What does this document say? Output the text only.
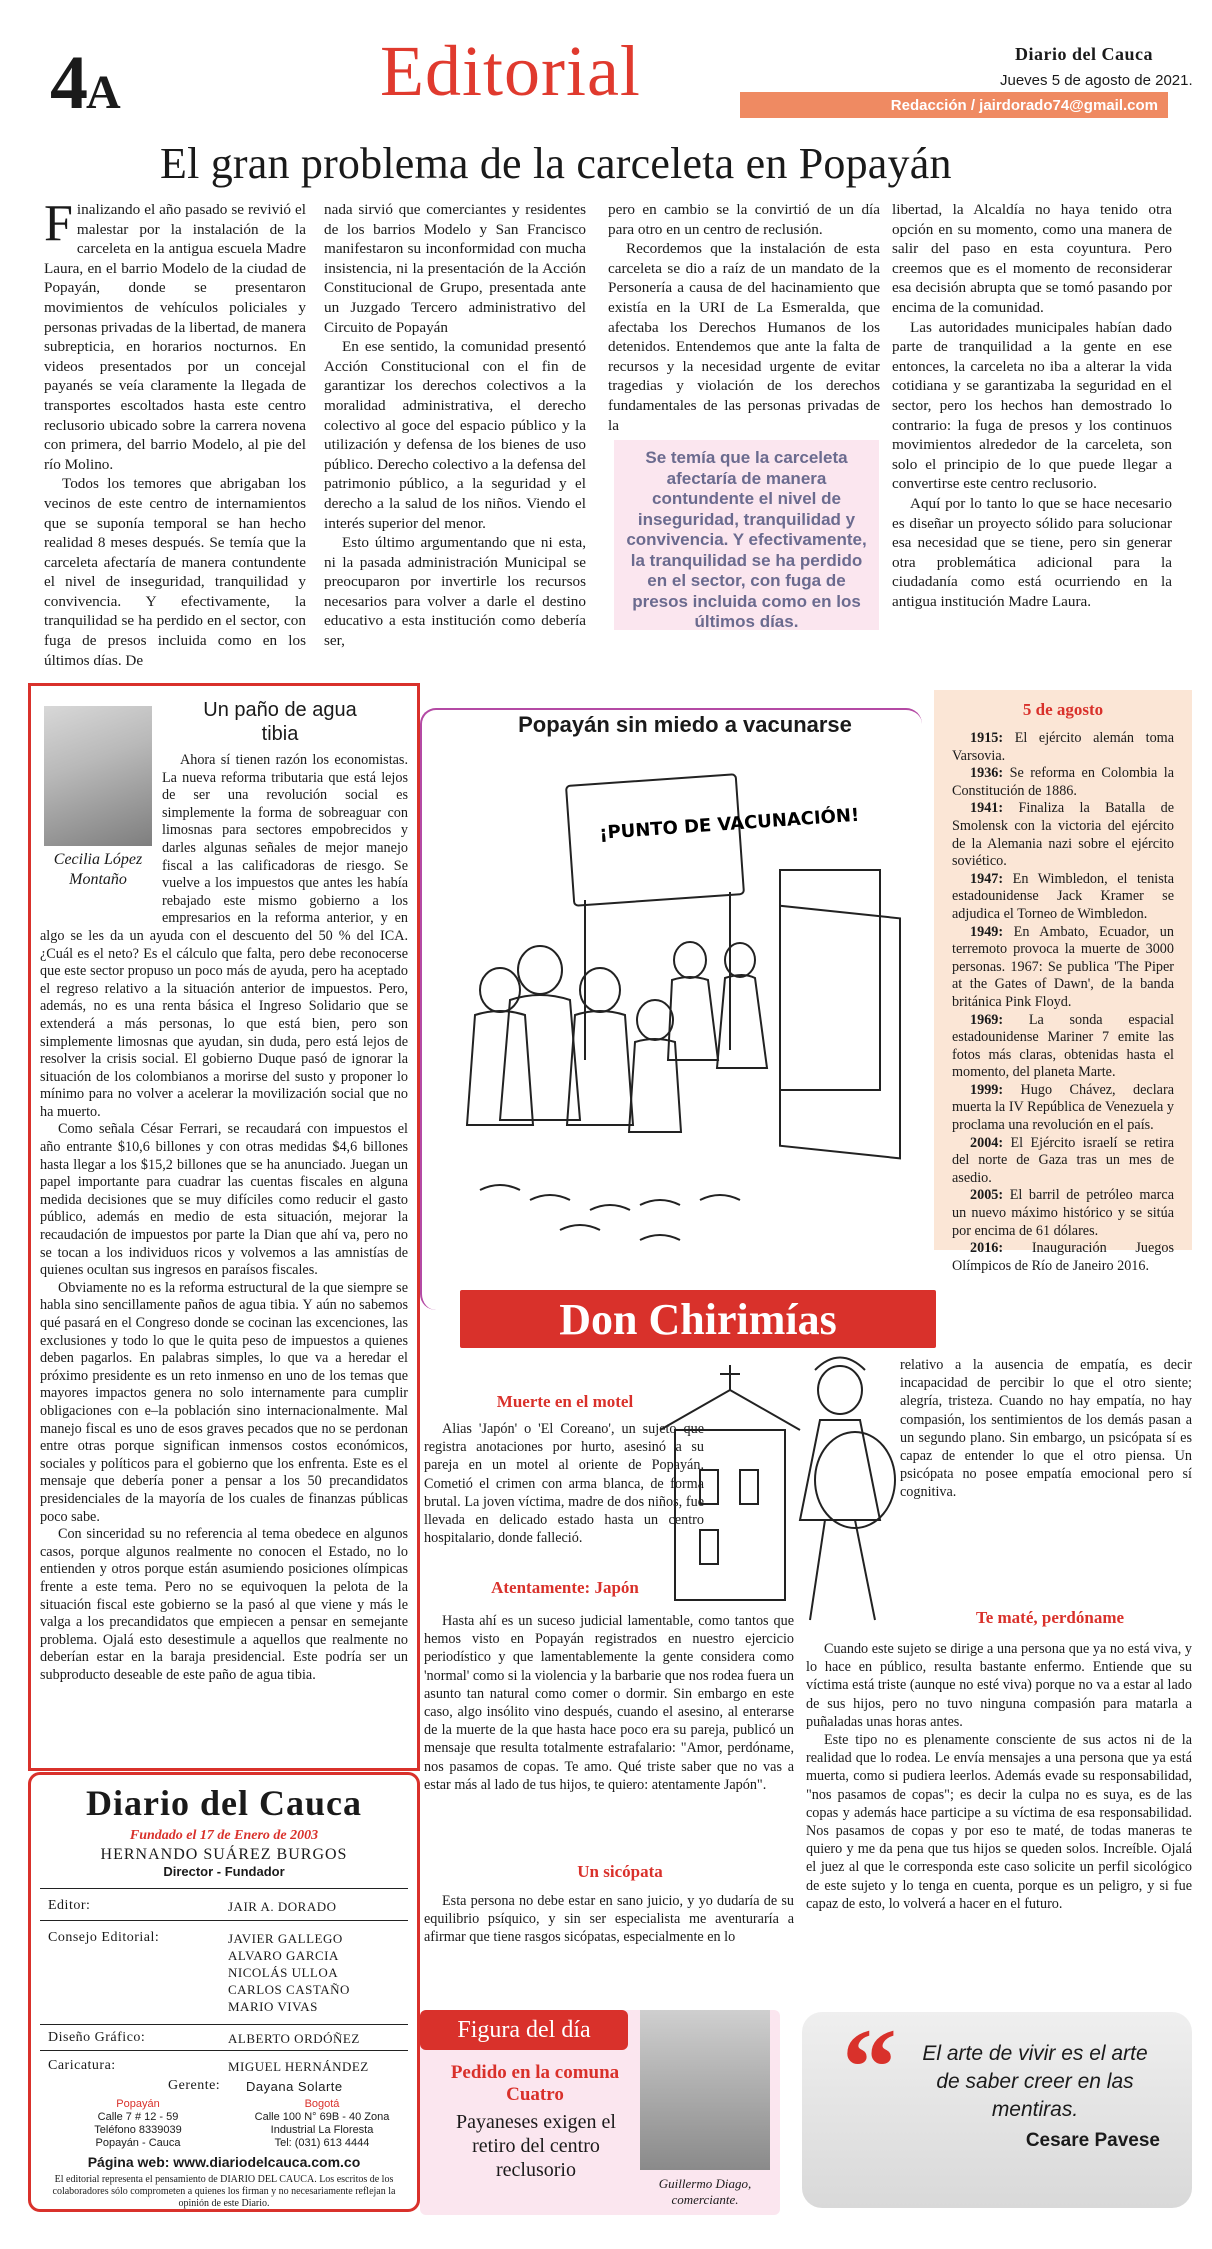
4A	Editorial	Diario del Cauca
Jueves 5 de agosto de 2021.
Redacción / jairdorado74@gmail.com
El gran problema de la carceleta en Popayán

Finalizando el año pasado se revivió el malestar por la instalación de la carceleta en la antigua escuela Madre Laura, en el barrio Modelo de la ciudad de Popayán, donde se presentaron movimientos de vehículos policiales y personas privadas de la libertad, de manera subrepticia, en horarios nocturnos. En videos presentados por un concejal payanés se veía claramente la llegada de transportes escoltados hasta este centro reclusorio ubicado sobre la carrera novena con primera, del barrio Modelo, al pie del río Molino.

Todos los temores que abrigaban los vecinos de este centro de internamientos que se suponía temporal se han hecho realidad 8 meses después. Se temía que la carceleta afectaría de manera contundente el nivel de inseguridad, tranquilidad y convivencia. Y efectivamente, la tranquilidad se ha perdido en el sector, con fuga de presos incluida como en los últimos días. De

nada sirvió que comerciantes y residentes de los barrios Modelo y San Francisco manifestaron su inconformidad con mucha insistencia, ni la presentación de la Acción Constitucional de Grupo, presentada ante un Juzgado Tercero administrativo del Circuito de Popayán

En ese sentido, la comunidad presentó Acción Constitucional con el fin de garantizar los derechos colectivos a la moralidad administrativa, el derecho colectivo al goce del espacio público y la utilización y defensa de los bienes de uso público. Derecho colectivo a la defensa del patrimonio público, a la seguridad y el derecho a la salud de los niños. Viendo el interés superior del menor.

Esto último argumentando que ni esta, ni la pasada administración Municipal se preocuparon por invertirle los recursos necesarios para volver a darle el destino educativo a esta institución como debería ser,

pero en cambio se la convirtió de un día para otro en un centro de reclusión.

Recordemos que la instalación de esta carceleta se dio a raíz de un mandato de la Personería a causa de del hacinamiento que existía en la URI de La Esmeralda, que afectaba los Derechos Humanos de los detenidos. Entendemos que ante la falta de recursos y la necesidad urgente de evitar tragedias y violación de los derechos fundamentales de las personas privadas de la

Se temía que la carceleta afectaría de manera contundente el nivel de inseguridad, tranquilidad y convivencia. Y efectivamente, la tranquilidad se ha perdido en el sector, con fuga de presos incluida como en los últimos días.

libertad, la Alcaldía no haya tenido otra opción en su momento, como una manera de salir del paso en esta coyuntura. Pero creemos que es el momento de reconsiderar esa decisión abrupta que se tomó pasando por encima de la comunidad.

Las autoridades municipales habían dado parte de tranquilidad a la gente en ese entonces, la carceleta no iba a alterar la vida cotidiana y se garantizaba la seguridad en el sector, pero los hechos han demostrado lo contrario: la fuga de presos y los continuos movimientos alrededor de la carceleta, son solo el principio de lo que puede llegar a convertirse este centro reclusorio.

Aquí por lo tanto lo que se hace necesario es diseñar un proyecto sólido para solucionar esa necesidad que se tiene, pero sin generar otra problemática adicional para la ciudadanía como está ocurriendo en la antigua institución Madre Laura.

Cecilia López Montaño
Un paño de agua tibia

Ahora sí tienen razón los economistas. La nueva reforma tributaria que está lejos de ser una revolución social es simplemente la forma de sobreaguar con limosnas para sectores empobrecidos y darles algunas señales de mejor manejo fiscal a las calificadoras de riesgo. Se vuelve a los impuestos que antes les había rebajado este mismo gobierno a los empresarios en la reforma anterior, y en algo se les da un ayuda con el descuento del 50 % del ICA. ¿Cuál es el neto? Es el cálculo que falta, pero debe reconocerse que este sector propuso un poco más de ayuda, pero ha aceptado el regreso relativo a la situación anterior de impuestos. Pero, además, no es una renta básica el Ingreso Solidario que se extenderá a más personas, lo que está bien, pero son simplemente limosnas que ayudan, sin duda, pero está lejos de resolver la crisis social. El gobierno Duque pasó de ignorar la situación de los colombianos a morirse del susto y proponer lo mínimo para no volver a acelerar la movilización social que no ha muerto.

Como señala César Ferrari, se recaudará con impuestos el año entrante $10,6 billones y con otras medidas $4,6 billones hasta llegar a los $15,2 billones que se ha anunciado. Juegan un papel importante para cuadrar las cuentas fiscales en alguna medida decisiones que se muy difíciles como reducir el gasto público, además en medio de esta situación, mejorar la recaudación de impuestos por parte la Dian que ahí va, pero no se tocan a los individuos ricos y volvemos a las amnistías de quienes ocultan sus ingresos en paraísos fiscales.

Obviamente no es la reforma estructural de la que siempre se habla sino sencillamente paños de agua tibia. Y aún no sabemos qué pasará en el Congreso donde se cocinan las excenciones, las exclusiones y todo lo que le quita peso de impuestos a quienes deben pagarlos. En palabras simples, lo que va a heredar el próximo presidente es un reto inmenso en uno de los temas que mayores impactos genera no solo internamente para cumplir obligaciones con e–la población sino internacionalmente. Mal manejo fiscal es uno de esos graves pecados que no se perdonan entre otras porque significan inmensos costos económicos, sociales y políticos para el gobierno que los enfrenta. Este es el mensaje que debería poner a pensar a los 50 precandidatos presidenciales de la mayoría de los cuales de finanzas públicas poco sabe.

Con sinceridad su no referencia al tema obedece en algunos casos, porque algunos realmente no conocen el Estado, no lo entienden y otros porque están asumiendo posiciones olímpicas frente a este tema. Pero no se equivoquen la pelota de la situación fiscal este gobierno se la pasó al que viene y más le valga a los precandidatos que empiecen a pensar en semejante problema. Ojalá esto desestimule a aquellos que realmente no deberían estar en la baraja presidencial. Este podría ser un subproducto deseable de este paño de agua tibia.

Popayán sin miedo a vacunarse
¡PUNTO DE VACUNACIÓN!
5 de agosto

1915: El ejército alemán toma Varsovia.

1936: Se reforma en Colombia la Constitución de 1886.

1941: Finaliza la Batalla de Smolensk con la victoria del ejército de la Alemania nazi sobre el ejército soviético.

1947: En Wimbledon, el tenista estadounidense Jack Kramer se adjudica el Torneo de Wimbledon.

1949: En Ambato, Ecuador, un terremoto provoca la muerte de 3000 personas. 1967: Se publica 'The Piper at the Gates of Dawn', de la banda británica Pink Floyd.

1969: La sonda espacial estadounidense Mariner 7 emite las fotos más claras, obtenidas hasta el momento, del planeta Marte.

1999: Hugo Chávez, declara muerta la IV República de Venezuela y proclama una revolución en el país.

2004: El Ejército israelí se retira del norte de Gaza tras un mes de asedio.

2005: El barril de petróleo marca un nuevo máximo histórico y se sitúa por encima de 61 dólares.

2016: Inauguración Juegos Olímpicos de Río de Janeiro 2016.

Don Chirimías
Muerte en el motel

Alias 'Japón' o 'El Coreano', un sujeto que registra anotaciones por hurto, asesinó a su pareja en un motel al oriente de Popayán. Cometió el crimen con arma blanca, de forma brutal. La joven víctima, madre de dos niños, fue llevada en delicado estado hasta un centro hospitalario, donde falleció.

Atentamente: Japón

Hasta ahí es un suceso judicial lamentable, como tantos que hemos visto en Popayán registrados en nuestro ejercicio periodístico y que lamentablemente la gente considera como 'normal' como si la violencia y la barbarie que nos rodea fuera un asunto tan natural como comer o dormir. Sin embargo en este caso, algo insólito vino después, cuando el asesino, al enterarse de la muerte de la que hasta hace poco era su pareja, publicó un mensaje que resulta totalmente estrafalario: "Amor, perdóname, nos pasamos de copas. Te amo. Qué triste saber que no vas a estar más al lado de tus hijos, te quiero: atentamente Japón".

Un sicópata

Esta persona no debe estar en sano juicio, y yo dudaría de su equilibrio psíquico, y sin ser especialista me aventuraría a afirmar que tiene rasgos sicópatas, especialmente en lo

relativo a la ausencia de empatía, es decir incapacidad de percibir lo que el otro siente; alegría, tristeza. Cuando no hay empatía, no hay compasión, los sentimientos de los demás pasan a un segundo plano. Sin embargo, un psicópata sí es capaz de entender lo que el otro piensa. Un psicópata no posee empatía emocional pero sí cognitiva.

Te maté, perdóname

Cuando este sujeto se dirige a una persona que ya no está viva, y lo hace en público, resulta bastante enfermo. Entiende que su víctima está triste (aunque no esté viva) porque no va a estar al lado de sus hijos, pero no tuvo ninguna compasión para matarla a puñaladas unas horas antes.

Este tipo no es plenamente consciente de sus actos ni de la realidad que lo rodea. Le envía mensajes a una persona que ya está muerta, como si pudiera leerlos. Además evade su responsabilidad, "nos pasamos de copas"; es decir la culpa no es suya, es de las copas y además hace participe a su víctima de esa responsabilidad. Nos pasamos de copas y por eso te maté, de todas maneras te quiero y me da pena que tus hijos se queden solos. Increíble. Ojalá el juez al que le corresponda este caso solicite un perfil sicológico de este sujeto y lo tenga en cuenta, porque es un peligro, y si fue capaz de esto, lo volverá a hacer en el futuro.

Diario del Cauca
Fundado el 17 de Enero de 2003
HERNANDO SUÁREZ BURGOS
Director - Fundador
Editor:	JAIR A. DORADO
Consejo Editorial:	JAVIER GALLEGO
ALVARO GARCIA
NICOLÁS ULLOA
CARLOS CASTAÑO
MARIO VIVAS
Diseño Gráfico:	ALBERTO ORDÓÑEZ
Caricatura:	MIGUEL HERNÁNDEZ
Gerente: Dayana Solarte
Popayán
Calle 7 # 12 - 59
Teléfono 8339039
Popayán - Cauca
Bogotá
Calle 100 N° 69B - 40 Zona
Industrial La Floresta
Tel: (031) 613 4444
Página web: www.diariodelcauca.com.co
El editorial representa el pensamiento de DIARIO DEL CAUCA. Los escritos de los colaboradores sólo comprometen a quienes los firman y no necesariamente reflejan la opinión de este Diario.
Figura del día
Pedido en la comuna Cuatro
Payaneses exigen el retiro del centro reclusorio
Guillermo Diago,
comerciante.
“	El arte de vivir es el arte de saber creer en las mentiras.
Cesare Pavese
